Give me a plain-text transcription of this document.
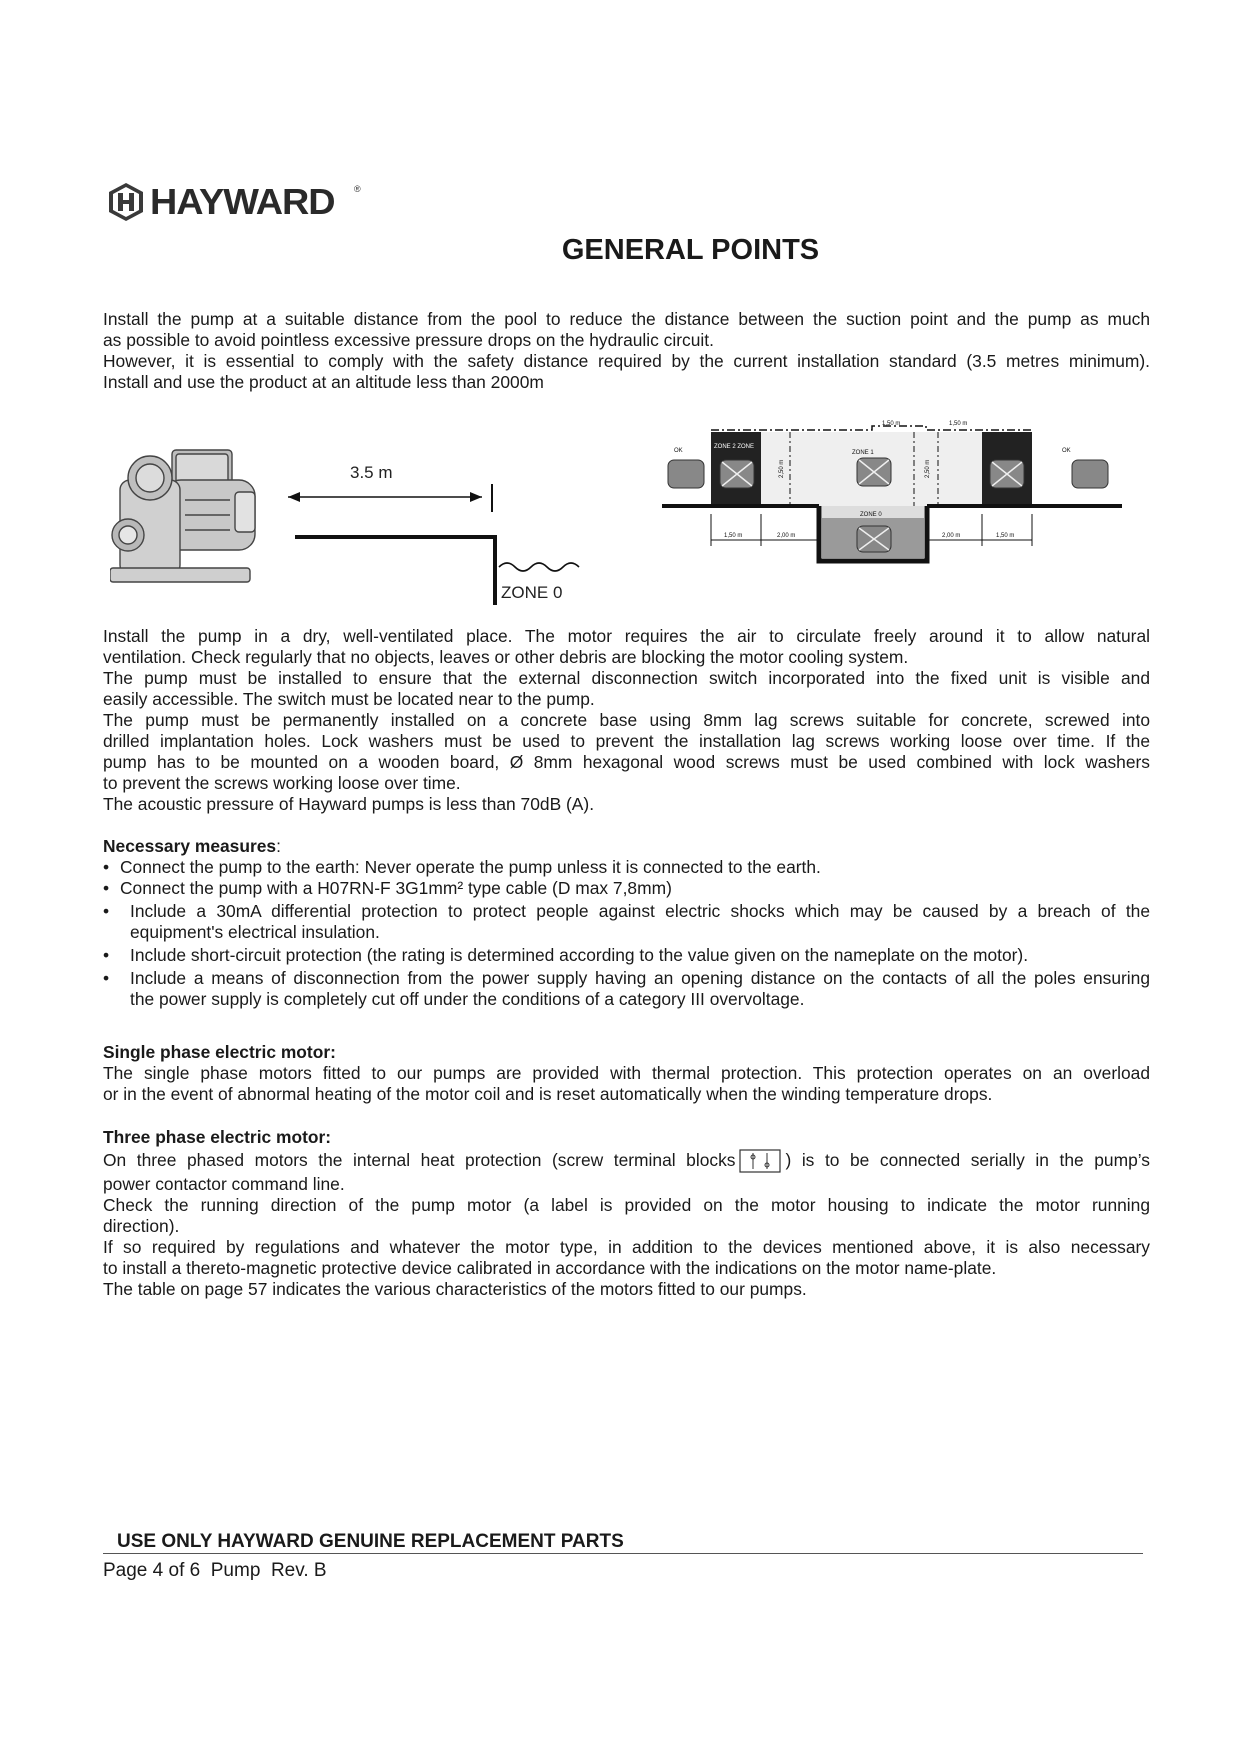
HAYWARD ®
GENERAL POINTS
Install the pump at a suitable distance from the pool to reduce the distance between the suction point and the pump as much
as possible to avoid pointless excessive pressure drops on the hydraulic circuit.
However, it is essential to comply with the safety distance required by the current installation standard (3.5 metres minimum).
Install and use the product at an altitude less than 2000m
3.5 m
ZONE 0
1,50 m	1,50 m
ZONE 2 ZONE
ZONE 1
OK	OK
ZONE 0
2,50 m	2,50 m
1,50 m	2,00 m	2,00 m	1,50 m
Install the pump in a dry, well-ventilated place. The motor requires the air to circulate freely around it to allow natural
ventilation. Check regularly that no objects, leaves or other debris are blocking the motor cooling system.
The pump must be installed to ensure that the external disconnection switch incorporated into the fixed unit is visible and
easily accessible. The switch must be located near to the pump.
The pump must be permanently installed on a concrete base using 8mm lag screws suitable for concrete, screwed into
drilled implantation holes. Lock washers must be used to prevent the installation lag screws working loose over time. If the
pump has to be mounted on a wooden board, Ø 8mm hexagonal wood screws must be used combined with lock washers
to prevent the screws working loose over time.
The acoustic pressure of Hayward pumps is less than 70dB (A).
Necessary measures:
• Connect the pump to the earth: Never operate the pump unless it is connected to the earth.
• Connect the pump with a H07RN-F 3G1mm² type cable (D max 7,8mm)
• Include a 30mA differential protection to protect people against electric shocks which may be caused by a breach of the
equipment's electrical insulation.
• Include short-circuit protection (the rating is determined according to the value given on the nameplate on the motor).
• Include a means of disconnection from the power supply having an opening distance on the contacts of all the poles ensuring
the power supply is completely cut off under the conditions of a category III overvoltage.
Single phase electric motor:
The single phase motors fitted to our pumps are provided with thermal protection. This protection operates on an overload
or in the event of abnormal heating of the motor coil and is reset automatically when the winding temperature drops.
Three phase electric motor:
On three phased motors the internal heat protection (screw terminal blocks	) is to be connected serially in the pump’s
power contactor command line.
Check the running direction of the pump motor (a label is provided on the motor housing to indicate the motor running
direction).
If so required by regulations and whatever the motor type, in addition to the devices mentioned above, it is also necessary
to install a thereto-magnetic protective device calibrated in accordance with the indications on the motor name-plate.
The table on page 57 indicates the various characteristics of the motors fitted to our pumps.
USE ONLY HAYWARD GENUINE REPLACEMENT PARTS
Page 4 of 6  Pump  Rev. B
